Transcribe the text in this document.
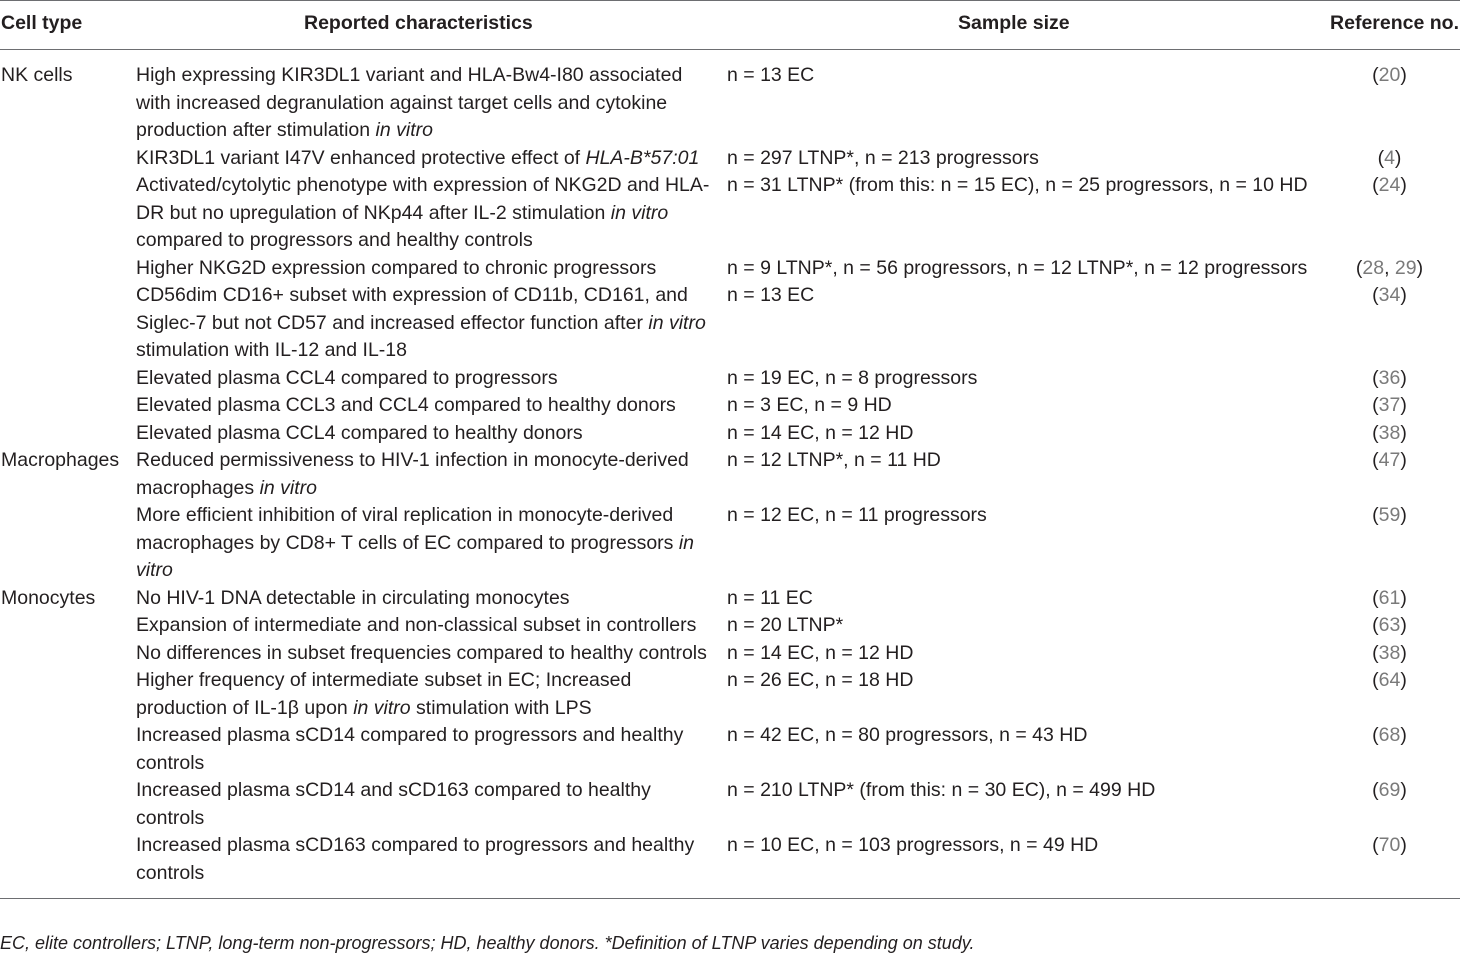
Cell type	Reported characteristics	Sample size	Reference no.
NK cells	High expressing KIR3DL1 variant and HLA-Bw4-I80 associated with increased degranulation against target cells and cytokine production after stimulation in vitro	n = 13 EC	(20)
	KIR3DL1 variant I47V enhanced protective effect of HLA-B*57:01	n = 297 LTNP*, n = 213 progressors	(4)
	Activated/cytolytic phenotype with expression of NKG2D and HLA-DR but no upregulation of NKp44 after IL-2 stimulation in vitro compared to progressors and healthy controls	n = 31 LTNP* (from this: n = 15 EC), n = 25 progressors, n = 10 HD	(24)
	Higher NKG2D expression compared to chronic progressors	n = 9 LTNP*, n = 56 progressors, n = 12 LTNP*, n = 12 progressors	(28, 29)
	CD56dim CD16+ subset with expression of CD11b, CD161, and Siglec-7 but not CD57 and increased effector function after in vitro stimulation with IL-12 and IL-18	n = 13 EC	(34)
	Elevated plasma CCL4 compared to progressors	n = 19 EC, n = 8 progressors	(36)
	Elevated plasma CCL3 and CCL4 compared to healthy donors	n = 3 EC, n = 9 HD	(37)
	Elevated plasma CCL4 compared to healthy donors	n = 14 EC, n = 12 HD	(38)
Macrophages	Reduced permissiveness to HIV-1 infection in monocyte-derived macrophages in vitro	n = 12 LTNP*, n = 11 HD	(47)
	More efficient inhibition of viral replication in monocyte-derived macrophages by CD8+ T cells of EC compared to progressors in vitro	n = 12 EC, n = 11 progressors	(59)
Monocytes	No HIV-1 DNA detectable in circulating monocytes	n = 11 EC	(61)
	Expansion of intermediate and non-classical subset in controllers	n = 20 LTNP*	(63)
	No differences in subset frequencies compared to healthy controls	n = 14 EC, n = 12 HD	(38)
	Higher frequency of intermediate subset in EC; Increased production of IL-1β upon in vitro stimulation with LPS	n = 26 EC, n = 18 HD	(64)
	Increased plasma sCD14 compared to progressors and healthy controls	n = 42 EC, n = 80 progressors, n = 43 HD	(68)
	Increased plasma sCD14 and sCD163 compared to healthy controls	n = 210 LTNP* (from this: n = 30 EC), n = 499 HD	(69)
	Increased plasma sCD163 compared to progressors and healthy controls	n = 10 EC, n = 103 progressors, n = 49 HD	(70)
EC, elite controllers; LTNP, long-term non-progressors; HD, healthy donors. *Definition of LTNP varies depending on study.
